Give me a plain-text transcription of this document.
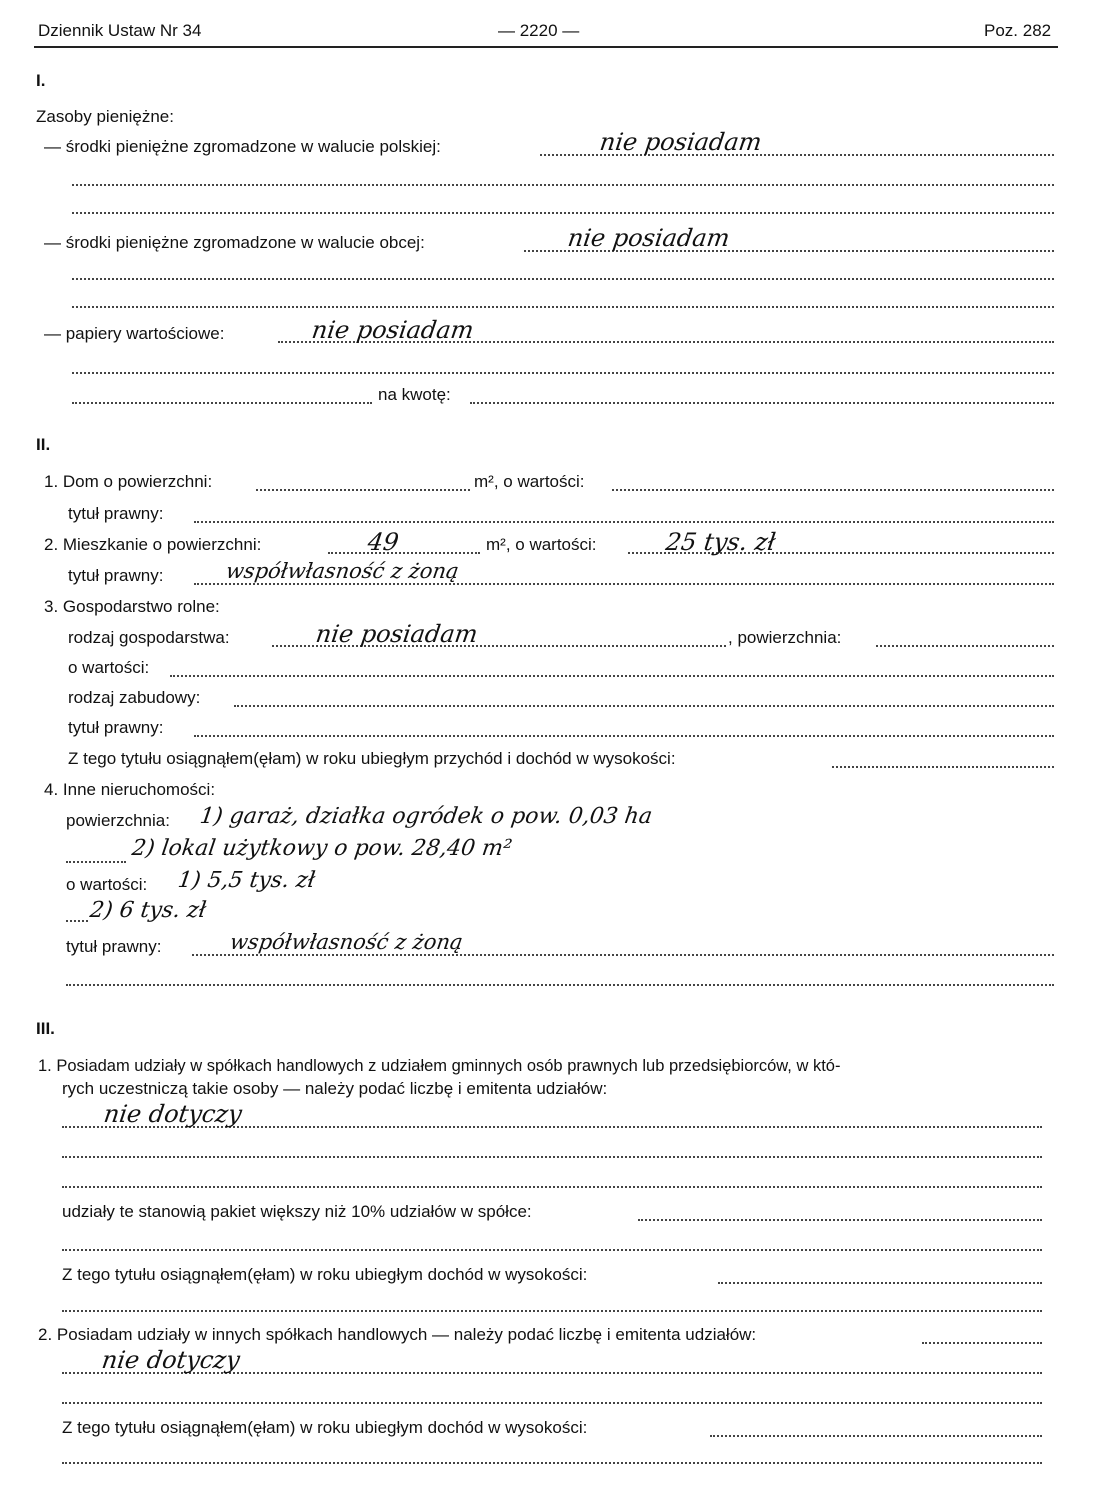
Dziennik Ustaw Nr 34	— 2220 —	Poz. 282
I.
Zasoby pieniężne:
— środki pieniężne zgromadzone w walucie polskiej:	nie posiadam
— środki pieniężne zgromadzone w walucie obcej:	nie posiadam
— papiery wartościowe:	nie posiadam
na kwotę:
II.
1. Dom o powierzchni:	m², o wartości:
tytuł prawny:
2. Mieszkanie o powierzchni:	49	m², o wartości:	25 tys. zł
tytuł prawny:	współwłasność z żoną
3. Gospodarstwo rolne:
rodzaj gospodarstwa:	nie posiadam	, powierzchnia:
o wartości:
rodzaj zabudowy:
tytuł prawny:
Z tego tytułu osiągnąłem(ęłam) w roku ubiegłym przychód i dochód w wysokości:
4. Inne nieruchomości:
powierzchnia: 1) garaż, działka ogródek o pow. 0,03 ha
2) lokal użytkowy o pow. 28,40 m²
o wartości: 1) 5,5 tys. zł
2) 6 tys. zł
tytuł prawny:	współwłasność z żoną
III.
1. Posiadam udziały w spółkach handlowych z udziałem gminnych osób prawnych lub przedsiębiorców, w któ-
rych uczestniczą takie osoby — należy podać liczbę i emitenta udziałów:
nie dotyczy
udziały te stanowią pakiet większy niż 10% udziałów w spółce:
Z tego tytułu osiągnąłem(ęłam) w roku ubiegłym dochód w wysokości:
2. Posiadam udziały w innych spółkach handlowych — należy podać liczbę i emitenta udziałów:
nie dotyczy
Z tego tytułu osiągnąłem(ęłam) w roku ubiegłym dochód w wysokości:
